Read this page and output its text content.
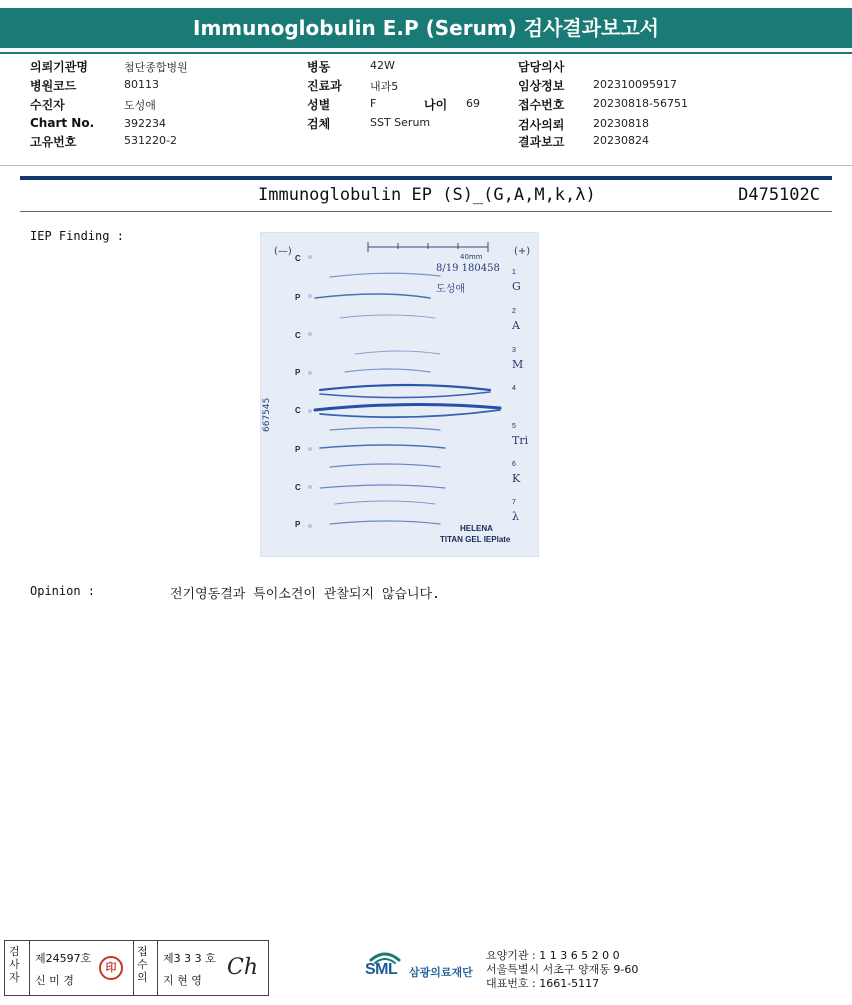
Immunoglobulin E.P (Serum) 검사결과보고서
의뢰기관명	첨단종합병원
병원코드	80113
수진자	도성애
Chart No.	392234
고유번호	531220-2
병동	42W
진료과	내과5
성별	F	나이 69
검체	SST Serum
담당의사
임상정보	202310095917
접수번호	20230818-56751
검사의뢰	20230818
결과보고	20230824
Immunoglobulin EP (S)_(G,A,M,k,λ)	D475102C
IEP Finding :
(—)	(+)
40mm
8/19 180458
도성애
667545
HELENA
TITAN GEL IEPlate
C
P
C
P
C
P
C
P
1
G
2
A
3
M
4
5
Tri
6
K
7
λ
Opinion :	전기영동결과 특이소견이 관찰되지 않습니다.
검사자
제24597호
신 미 경
印
접수의
제3 3 3 호
지 현 영
Ch	SML 삼광의료재단
요양기관 : 1 1 3 6 5 2 0 0
서울특별시 서초구 양재동 9-60
대표번호 : 1661-5117
